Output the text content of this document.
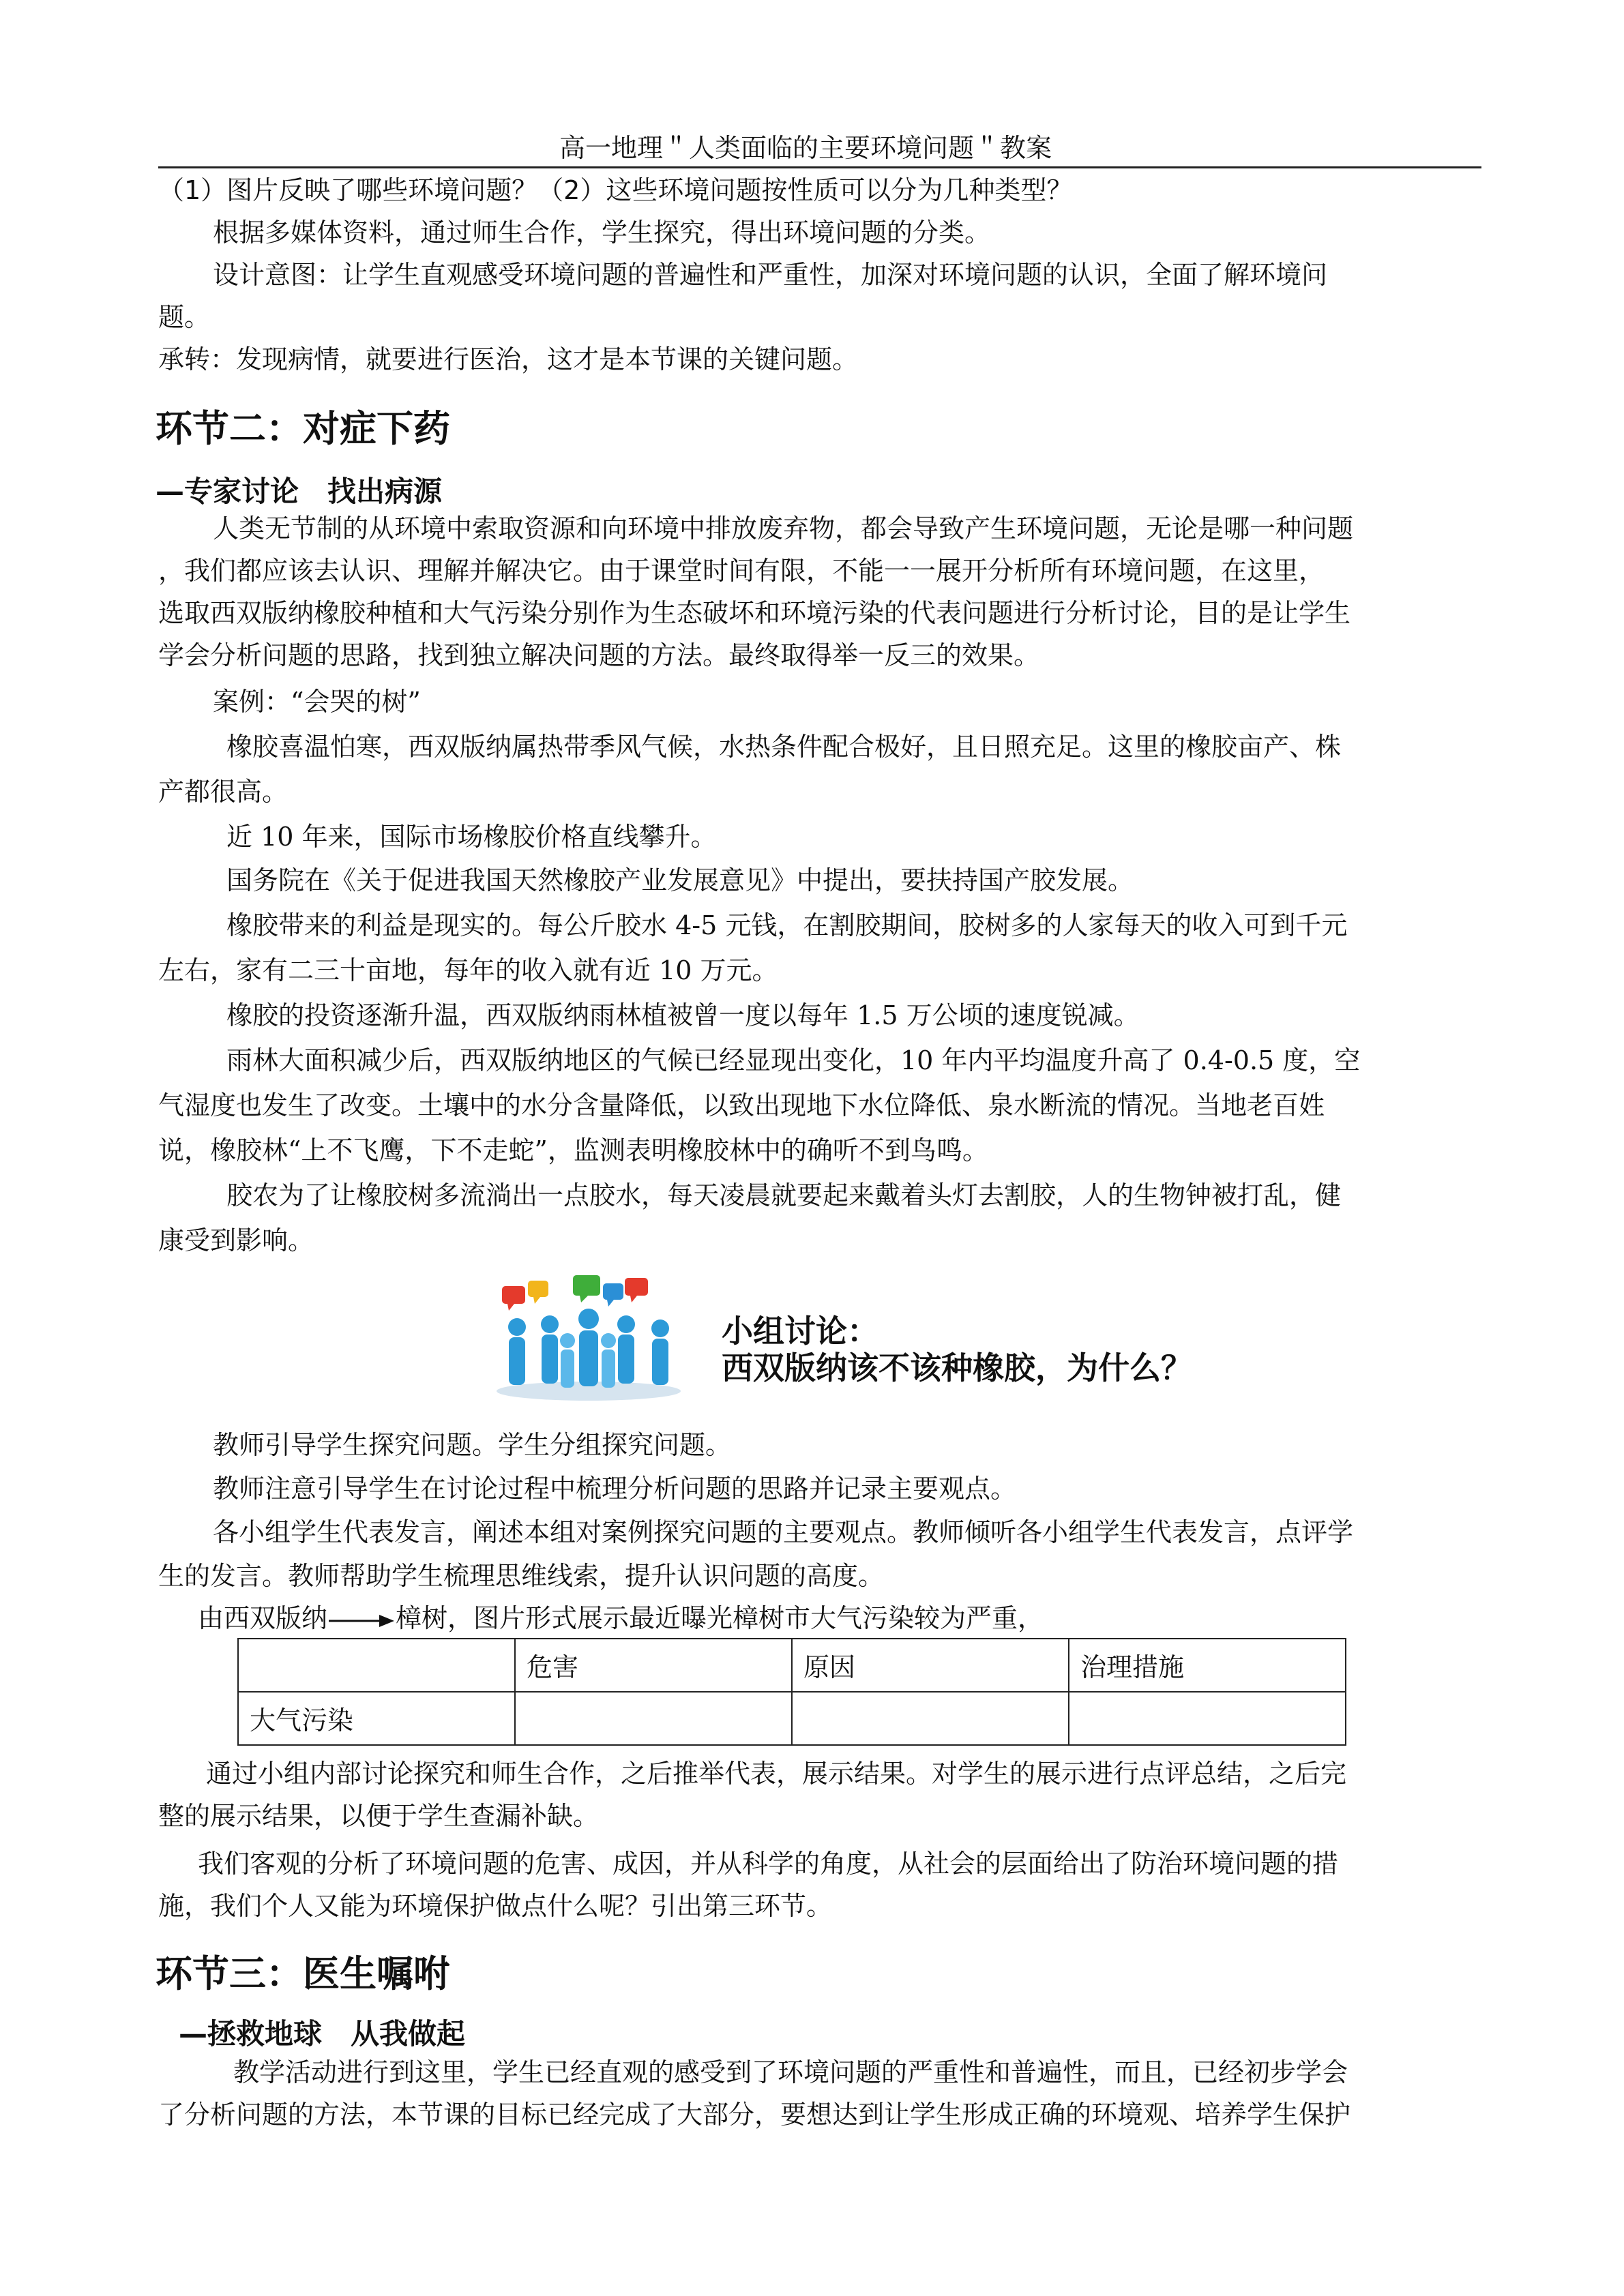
高一地理＂人类面临的主要环境问题＂教案
（1）图片反映了哪些环境问题？（2）这些环境问题按性质可以分为几种类型？
根据多媒体资料，通过师生合作，学生探究，得出环境问题的分类。
设计意图：让学生直观感受环境问题的普遍性和严重性，加深对环境问题的认识，全面了解环境问
题。
承转：发现病情，就要进行医治，这才是本节课的关键问题。
环节二：对症下药
—专家讨论　找出病源
人类无节制的从环境中索取资源和向环境中排放废弃物，都会导致产生环境问题，无论是哪一种问题
，我们都应该去认识、理解并解决它。由于课堂时间有限，不能一一展开分析所有环境问题，在这里，
选取西双版纳橡胶种植和大气污染分别作为生态破坏和环境污染的代表问题进行分析讨论，目的是让学生
学会分析问题的思路，找到独立解决问题的方法。最终取得举一反三的效果。
案例：“会哭的树”
橡胶喜温怕寒，西双版纳属热带季风气候，水热条件配合极好，且日照充足。这里的橡胶亩产、株
产都很高。
近 10 年来，国际市场橡胶价格直线攀升。
国务院在《关于促进我国天然橡胶产业发展意见》中提出，要扶持国产胶发展。
橡胶带来的利益是现实的。每公斤胶水 4-5 元钱，在割胶期间，胶树多的人家每天的收入可到千元
左右，家有二三十亩地，每年的收入就有近 10 万元。
橡胶的投资逐渐升温，西双版纳雨林植被曾一度以每年 1.5 万公顷的速度锐减。
雨林大面积减少后，西双版纳地区的气候已经显现出变化，10 年内平均温度升高了 0.4-0.5 度，空
气湿度也发生了改变。土壤中的水分含量降低，以致出现地下水位降低、泉水断流的情况。当地老百姓
说，橡胶林“上不飞鹰，下不走蛇”，监测表明橡胶林中的确听不到鸟鸣。
胶农为了让橡胶树多流淌出一点胶水，每天凌晨就要起来戴着头灯去割胶，人的生物钟被打乱，健
康受到影响。
小组讨论：
西双版纳该不该种橡胶，为什么？
教师引导学生探究问题。学生分组探究问题。
教师注意引导学生在讨论过程中梳理分析问题的思路并记录主要观点。
各小组学生代表发言，阐述本组对案例探究问题的主要观点。教师倾听各小组学生代表发言，点评学
生的发言。教师帮助学生梳理思维线索，提升认识问题的高度。
由西双版纳	樟树，图片形式展示最近曝光樟树市大气污染较为严重，

	危害	原因	治理措施

大气污染			

通过小组内部讨论探究和师生合作，之后推举代表，展示结果。对学生的展示进行点评总结，之后完
整的展示结果，以便于学生查漏补缺。
我们客观的分析了环境问题的危害、成因，并从科学的角度，从社会的层面给出了防治环境问题的措
施，我们个人又能为环境保护做点什么呢？引出第三环节。
环节三：医生嘱咐
—拯救地球　从我做起
教学活动进行到这里，学生已经直观的感受到了环境问题的严重性和普遍性，而且，已经初步学会
了分析问题的方法，本节课的目标已经完成了大部分，要想达到让学生形成正确的环境观、培养学生保护
